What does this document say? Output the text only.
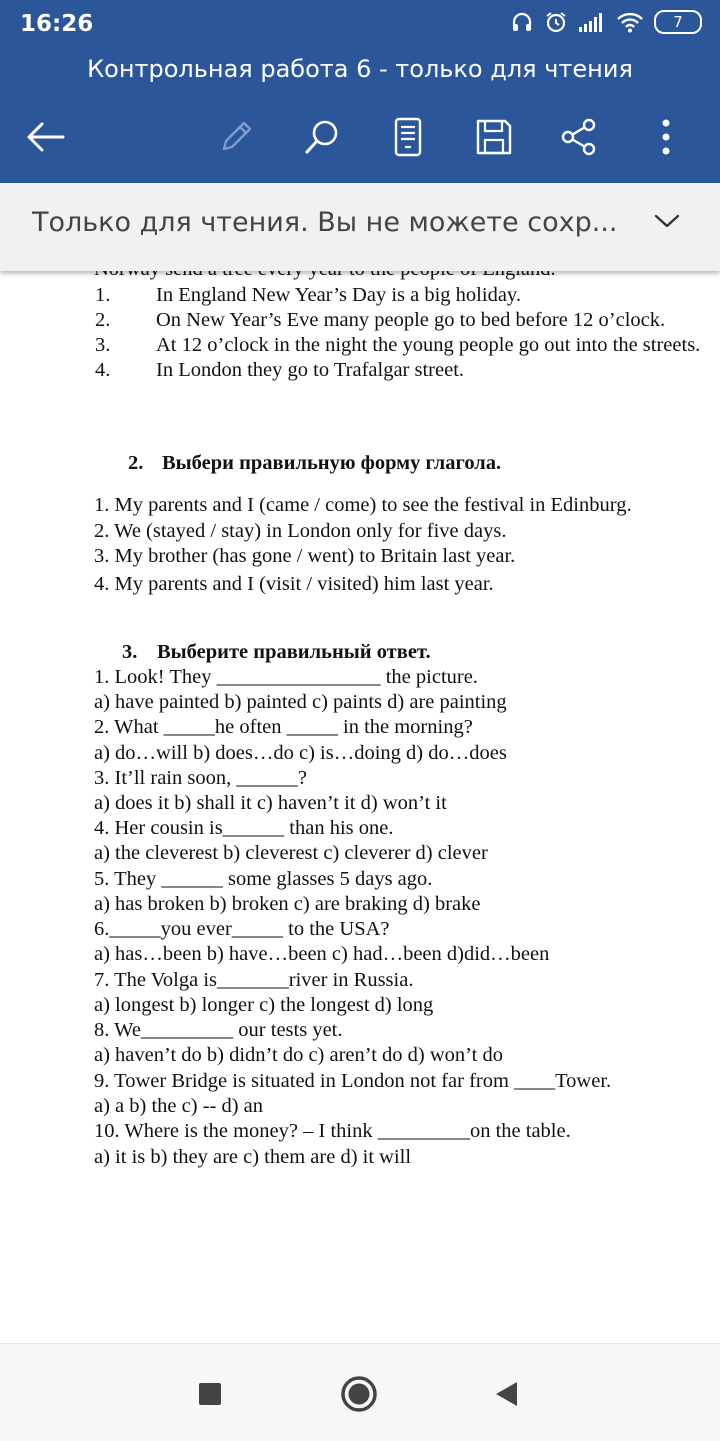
16:26	7
Контрольная работа 6 - только для чтения
Только для чтения. Вы не можете сохр...
1. In England New Year’s Day is a big holiday.
2. On New Year’s Eve many people go to bed before 12 o’clock.
3. At 12 o’clock in the night the young people go out into the streets.
4. In London they go to Trafalgar street.
2. Выбери правильную форму глагола.
1. My parents and I (came / come) to see the festival in Edinburg.
2. We (stayed / stay) in London only for five days.
3. My brother (has gone / went) to Britain last year.
4. My parents and I (visit / visited) him last year.
3. Выберите правильный ответ.
1. Look! They ________________ the picture.
a) have painted b) painted c) paints d) are painting
2. What _____he often _____ in the morning?
a) do…will b) does…do c) is…doing d) do…does
3. It’ll rain soon, ______?
a) does it b) shall it c) haven’t it d) won’t it
4. Her cousin is______ than his one.
a) the cleverest b) cleverest c) cleverer d) clever
5. They ______ some glasses 5 days ago.
a) has broken b) broken c) are braking d) brake
6._____you ever_____ to the USA?
a) has…been b) have…been c) had…been d)did…been
7. The Volga is_______river in Russia.
a) longest b) longer c) the longest d) long
8. We_________ our tests yet.
a) haven’t do b) didn’t do c) aren’t do d) won’t do
9. Tower Bridge is situated in London not far from ____Tower.
a) a b) the c) -- d) an
10. Where is the money? – I think _________on the table.
a) it is b) they are c) them are d) it will
